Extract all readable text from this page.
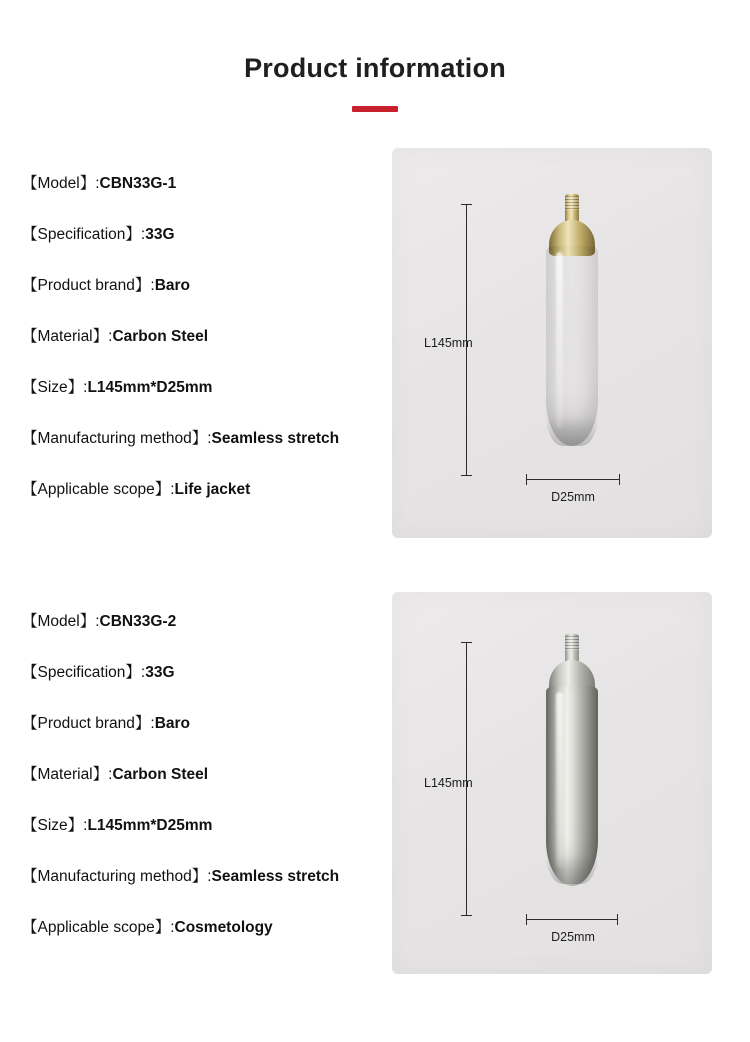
Product information
【Model】:CBN33G-1
【Specification】:33G
【Product brand】:Baro
【Material】:Carbon Steel
【Size】:L145mm*D25mm
【Manufacturing method】:Seamless stretch
【Applicable scope】:Life jacket
L145mm
D25mm
【Model】:CBN33G-2
【Specification】:33G
【Product brand】:Baro
【Material】:Carbon Steel
【Size】:L145mm*D25mm
【Manufacturing method】:Seamless stretch
【Applicable scope】:Cosmetology
L145mm
D25mm
